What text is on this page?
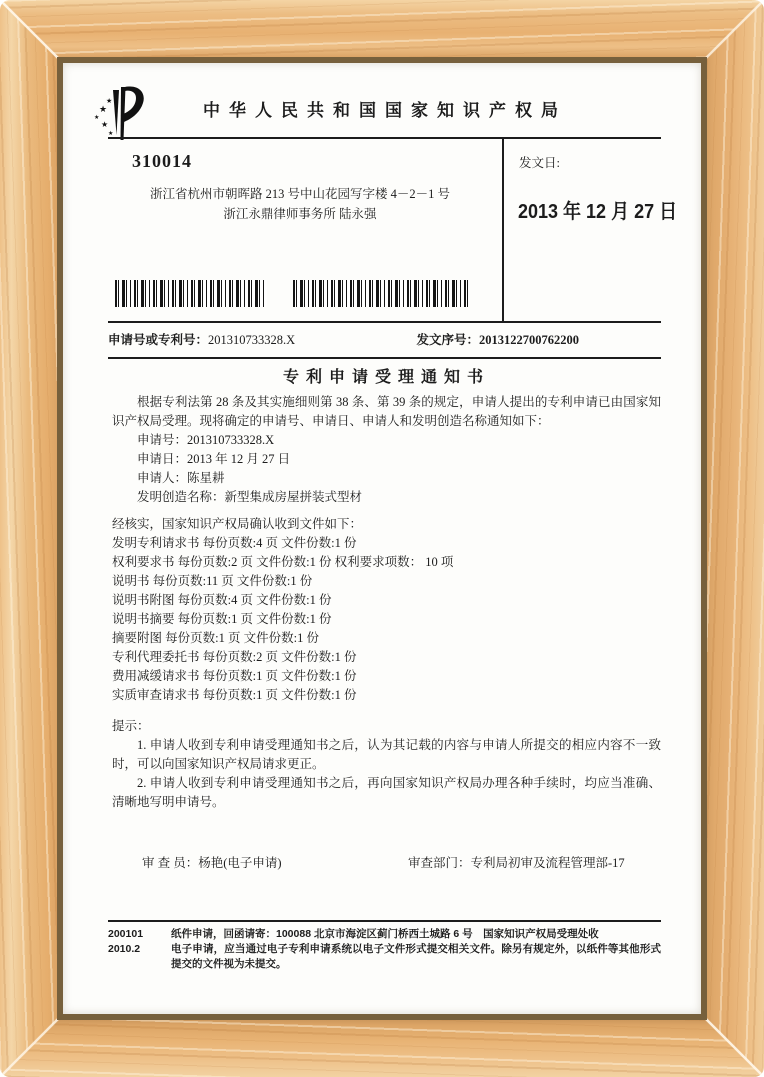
★
★
★
★
★
中华人民共和国国家知识产权局
310014
浙江省杭州市朝晖路 213 号中山花园写字楼 4－2－1 号
浙江永鼎律师事务所 陆永强
发文日:
2013 年 12 月 27 日
申请号或专利号：201310733328.X	发文序号：2013122700762200
专利申请受理通知书

根据专利法第 28 条及其实施细则第 38 条、第 39 条的规定，申请人提出的专利申请已由国家知识产权局受理。现将确定的申请号、申请日、申请人和发明创造名称通知如下：

申请号：201310733328.X
申请日：2013 年 12 月 27 日
申请人：陈星耕
发明创造名称：新型集成房屋拼装式型材
经核实，国家知识产权局确认收到文件如下：
发明专利请求书 每份页数:4 页 文件份数:1 份
权利要求书 每份页数:2 页 文件份数:1 份 权利要求项数： 10 项
说明书 每份页数:11 页 文件份数:1 份
说明书附图 每份页数:4 页 文件份数:1 份
说明书摘要 每份页数:1 页 文件份数:1 份
摘要附图 每份页数:1 页 文件份数:1 份
专利代理委托书 每份页数:2 页 文件份数:1 份
费用减缓请求书 每份页数:1 页 文件份数:1 份
实质审查请求书 每份页数:1 页 文件份数:1 份
提示：

1. 申请人收到专利申请受理通知书之后，认为其记载的内容与申请人所提交的相应内容不一致时，可以向国家知识产权局请求更正。

2. 申请人收到专利申请受理通知书之后，再向国家知识产权局办理各种手续时，均应当准确、清晰地写明申请号。

审 查 员：杨艳(电子申请)	审查部门：专利局初审及流程管理部-17
200101
2010.2

纸件申请，回函请寄：100088 北京市海淀区蓟门桥西土城路 6 号　国家知识产权局受理处收

电子申请，应当通过电子专利申请系统以电子文件形式提交相关文件。除另有规定外，以纸件等其他形式提交的文件视为未提交。
